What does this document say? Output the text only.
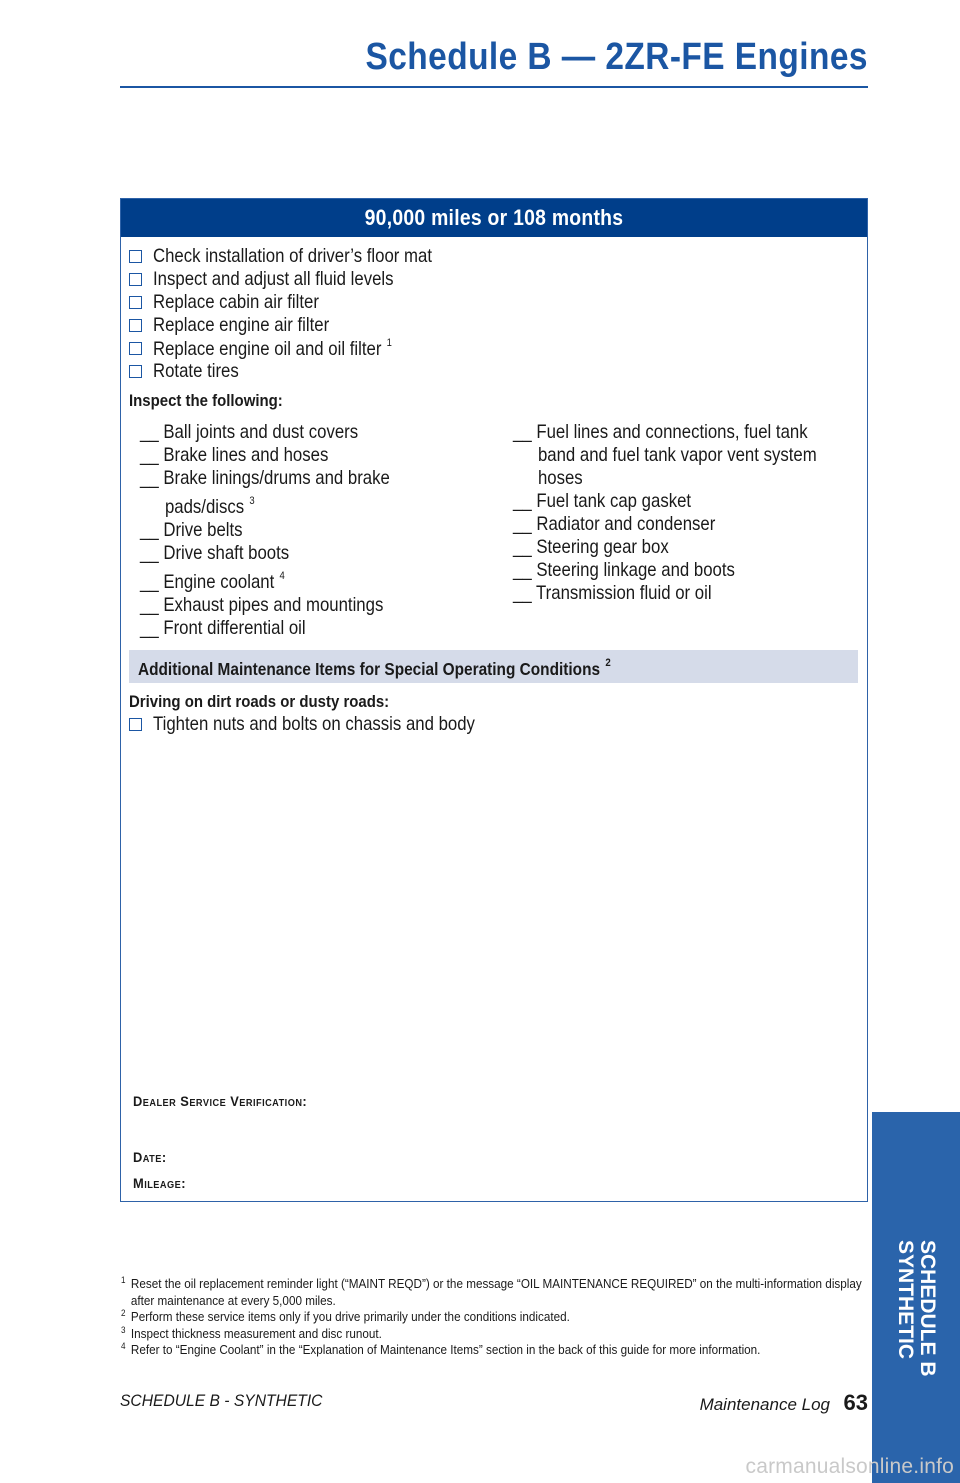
Schedule B — 2ZR-FE Engines
90,000 miles or 108 months
Check installation of driver’s floor mat
Inspect and adjust all fluid levels
Replace cabin air filter
Replace engine air filter
Replace engine oil and oil filter $^1$
Rotate tires
Inspect the following:
__ Ball joints and dust covers
__ Brake lines and hoses
__ Brake linings/drums and brake
pads/discs $^3$
__ Drive belts
__ Drive shaft boots
__ Engine coolant $^4$
__ Exhaust pipes and mountings
__ Front differential oil
__ Fuel lines and connections, fuel tank
band and fuel tank vapor vent system
hoses
__ Fuel tank cap gasket
__ Radiator and condenser
__ Steering gear box
__ Steering linkage and boots
__ Transmission fluid or oil
Additional Maintenance Items for Special Operating Conditions $^2$
Driving on dirt roads or dusty roads:
Tighten nuts and bolts on chassis and body
Dealer Service Verification:
Date:
Mileage:
1 Reset the oil replacement reminder light (“MAINT REQD”) or the message “OIL MAINTENANCE REQUIRED” on the multi-information display after maintenance at every 5,000 miles.
2 Perform these service items only if you drive primarily under the conditions indicated.
3 Inspect thickness measurement and disc runout.
4 Refer to “Engine Coolant” in the “Explanation of Maintenance Items” section in the back of this guide for more information.
SCHEDULE B - SYNTHETIC	Maintenance Log 63
SCHEDULE B
SYNTHETIC
carmanualsonline.info
